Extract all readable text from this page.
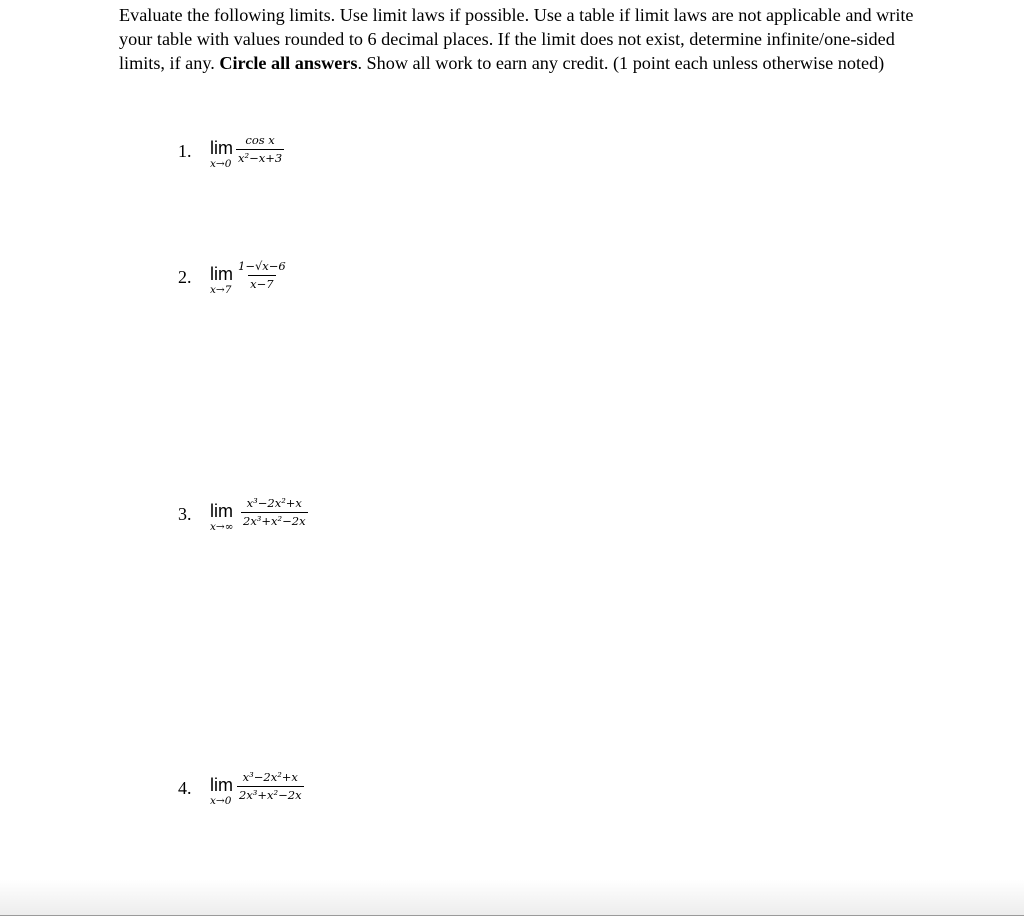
Evaluate the following limits. Use limit laws if possible. Use a table if limit laws are not applicable and write your table with values rounded to 6 decimal places. If the limit does not exist, determine infinite/one-sided limits, if any. Circle all answers. Show all work to earn any credit. (1 point each unless otherwise noted)

1. lim
$x\to 0 \frac{\text{cos x}}{\text{x²−x+3}}$
2. lim
$x\to 7 \frac{1-√x-6}{x-7}$
3. lim
$x\to\infty \frac{\text{x³−2x²+x}}{\text{2x³+x²−2x}}$
4. lim
$x\to 0 \frac{\text{x³−2x²+x}}{\text{2x³+x²−2x}}$
